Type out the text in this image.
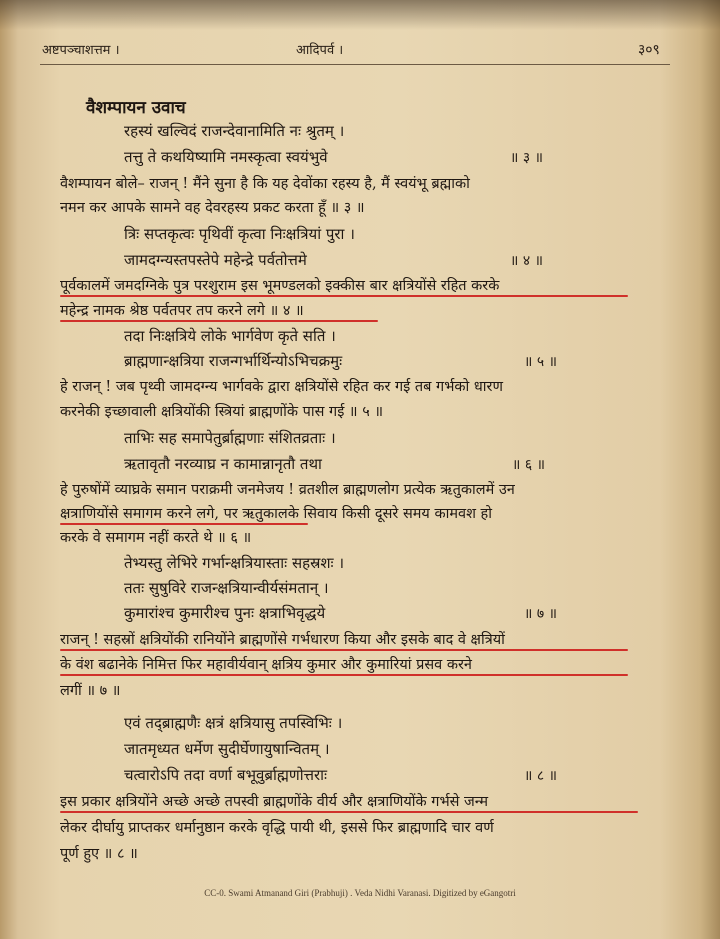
अष्टपञ्चाशत्तम ।	आदिपर्व ।	३०९
वैशम्पायन उवाच
रहस्यं खल्विदं राजन्देवानामिति नः श्रुतम् ।
तत्तु ते कथयिष्यामि नमस्कृत्वा स्वयंभुवे	॥ ३ ॥
वैशम्पायन बोले– राजन् ! मैंने सुना है कि यह देवोंका रहस्य है, मैं स्वयंभू ब्रह्माको
नमन कर आपके सामने वह देवरहस्य प्रकट करता हूँ ॥ ३ ॥
त्रिः सप्तकृत्वः पृथिवीं कृत्वा निःक्षत्रियां पुरा ।
जामदग्न्यस्तपस्तेपे महेन्द्रे पर्वतोत्तमे	॥ ४ ॥
पूर्वकालमें जमदग्निके पुत्र परशुराम इस भूमण्डलको इक्कीस बार क्षत्रियोंसे रहित करके
महेन्द्र नामक श्रेष्ठ पर्वतपर तप करने लगे ॥ ४ ॥
तदा निःक्षत्रिये लोके भार्गवेण कृते सति ।
ब्राह्मणान्क्षत्रिया राजन्गर्भार्थिन्योऽभिचक्रमुः	॥ ५ ॥
हे राजन् ! जब पृथ्वी जामदग्न्य भार्गवके द्वारा क्षत्रियोंसे रहित कर गई तब गर्भको धारण
करनेकी इच्छावाली क्षत्रियोंकी स्त्रियां ब्राह्मणोंके पास गई ॥ ५ ॥
ताभिः सह समापेतुर्ब्राह्मणाः संशितव्रताः ।
ऋतावृतौ नरव्याघ्र न कामान्नानृतौ तथा	॥ ६ ॥
हे पुरुषोंमें व्याघ्रके समान पराक्रमी जनमेजय ! व्रतशील ब्राह्मणलोग प्रत्येक ऋतुकालमें उन
क्षत्राणियोंसे समागम करने लगे, पर ऋतुकालके सिवाय किसी दूसरे समय कामवश हो
करके वे समागम नहीं करते थे ॥ ६ ॥
तेभ्यस्तु लेभिरे गर्भान्क्षत्रियास्ताः सहस्रशः ।
ततः सुषुविरे राजन्क्षत्रियान्वीर्यसंमतान् ।
कुमारांश्च कुमारीश्च पुनः क्षत्राभिवृद्धये	॥ ७ ॥
राजन् ! सहस्रों क्षत्रियोंकी रानियोंने ब्राह्मणोंसे गर्भधारण किया और इसके बाद वे क्षत्रियों
के वंश बढानेके निमित्त फिर महावीर्यवान् क्षत्रिय कुमार और कुमारियां प्रसव करने
लगीं ॥ ७ ॥
एवं तद्ब्राह्मणैः क्षत्रं क्षत्रियासु तपस्विभिः ।
जातमृध्यत धर्मेण सुदीर्घेणायुषान्वितम् ।
चत्वारोऽपि तदा वर्णा बभूवुर्ब्राह्मणोत्तराः	॥ ८ ॥
इस प्रकार क्षत्रियोंने अच्छे अच्छे तपस्वी ब्राह्मणोंके वीर्य और क्षत्राणियोंके गर्भसे जन्म
लेकर दीर्घायु प्राप्तकर धर्मानुष्ठान करके वृद्धि पायी थी, इससे फिर ब्राह्मणादि चार वर्ण
पूर्ण हुए ॥ ८ ॥
CC-0. Swami Atmanand Giri (Prabhuji) . Veda Nidhi Varanasi. Digitized by eGangotri
